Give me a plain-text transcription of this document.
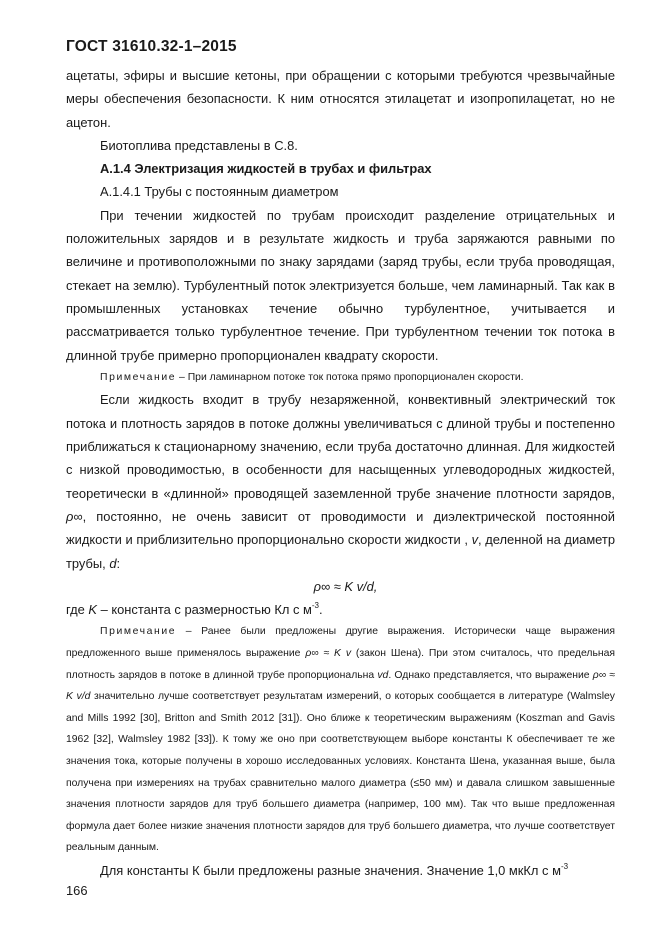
ГОСТ 31610.32-1–2015

ацетаты, эфиры и высшие кетоны, при обращении с которыми требуются чрезвычайные меры обеспечения безопасности. К ним относятся этилацетат и изопропилацетат, но не ацетон.

Биотоплива представлены в С.8.

А.1.4 Электризация жидкостей в трубах и фильтрах

А.1.4.1 Трубы с постоянным диаметром

При течении жидкостей по трубам происходит разделение отрицательных и положительных зарядов и в результате жидкость и труба заряжаются равными по величине и противоположными по знаку зарядами (заряд трубы, если труба проводящая, стекает на землю). Турбулентный поток электризуется больше, чем ламинарный. Так как в промышленных установках течение обычно турбулентное, учитывается и рассматривается только турбулентное течение. При турбулентном течении ток потока в длинной трубе примерно пропорционален квадрату скорости.

Примечание – При ламинарном потоке ток потока прямо пропорционален скорости.

Если жидкость входит в трубу незаряженной, конвективный электрический ток потока и плотность зарядов в потоке должны увеличиваться с длиной трубы и постепенно приближаться к стационарному значению, если труба достаточно длинная. Для жидкостей с низкой проводимостью, в особенности для насыщенных углеводородных жидкостей, теоретически в «длинной» проводящей заземленной трубе значение плотности зарядов, ρ∞, постоянно, не очень зависит от проводимости и диэлектрической постоянной жидкости и приблизительно пропорционально скорости жидкости , v, деленной на диаметр трубы, d:

ρ∞ ≈ K v/d,

где K – константа с размерностью Кл с $м^{-3}$.

Примечание – Ранее были предложены другие выражения. Исторически чаще выражения предложенного выше применялось выражение ρ∞ ≈ K v (закон Шена). При этом считалось, что предельная плотность зарядов в потоке в длинной трубе пропорциональна vd. Однако представляется, что выражение ρ∞ ≈ K v/d значительно лучше соответствует результатам измерений, о которых сообщается в литературе (Walmsley and Mills 1992 [30], Britton and Smith 2012 [31]). Оно ближе к теоретическим выражениям (Koszman and Gavis 1962 [32], Walmsley 1982 [33]). К тому же оно при соответствующем выборе константы К обеспечивает те же значения тока, которые получены в хорошо исследованных условиях. Константа Шена, указанная выше, была получена при измерениях на трубах сравнительно малого диаметра (≤50 мм) и давала слишком завышенные значения плотности зарядов для труб большего диаметра (например, 100 мм). Так что выше предложенная формула дает более низкие значения плотности зарядов для труб большего диаметра, что лучше соответствует реальным данным.

Для константы К были предложены разные значения. Значение 1,0 мкКл с $м^{-3}$

166
